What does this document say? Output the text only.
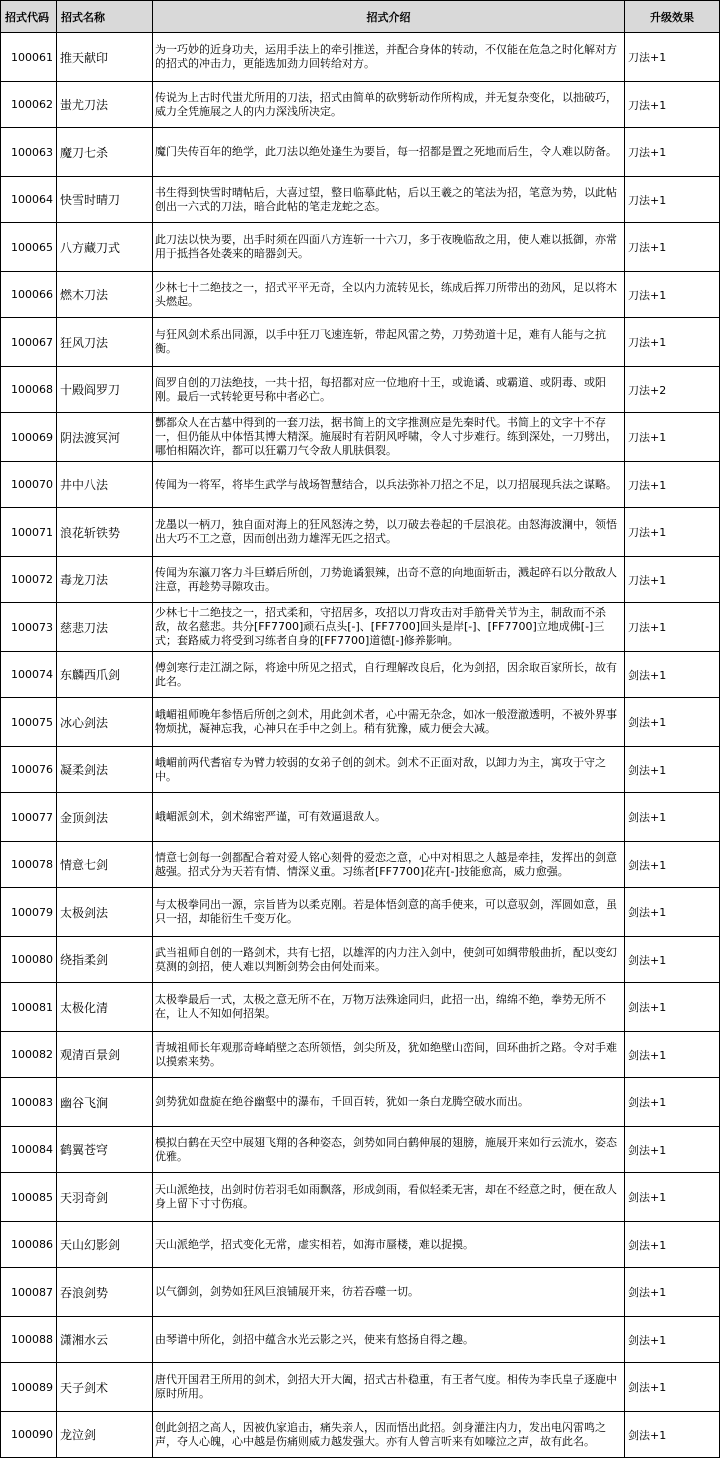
招式代码	招式名称	招式介绍	升级效果
100061	推天献印	为一巧妙的近身功夫，运用手法上的牵引推送，并配合身体的转动，不仅能在危急之时化解对方的招式的冲击力，更能选加劲力回转给对方。	刀法+1
100062	蚩尤刀法	传说为上古时代蚩尤所用的刀法，招式由简单的砍劈斩动作所构成，并无复杂变化，以拙破巧，威力全凭施展之人的内力深浅所决定。	刀法+1
100063	魔刀七杀	魔门失传百年的绝学，此刀法以绝处逢生为要旨，每一招都是置之死地而后生，令人难以防备。	刀法+1
100064	快雪时晴刀	书生得到快雪时晴帖后，大喜过望，整日临摹此帖，后以王羲之的笔法为招，笔意为势，以此帖创出一六式的刀法，暗合此帖的笔走龙蛇之态。	刀法+1
100065	八方藏刀式	此刀法以快为要，出手时须在四面八方连斩一十六刀，多于夜晚临敌之用，使人难以抵御，亦常用于抵挡各处袭来的暗器剑天。	刀法+1
100066	燃木刀法	少林七十二绝技之一，招式平平无奇，全以内力流转见长，练成后挥刀所带出的劲风，足以将木头燃起。	刀法+1
100067	狂风刀法	与狂风剑术系出同源，以手中狂刀飞速连斩，带起风雷之势，刀势劲道十足，难有人能与之抗衡。	刀法+1
100068	十殿阎罗刀	阎罗自创的刀法绝技，一共十招，每招都对应一位地府十王，或诡谲、或霸道、或阴毒、或阳刚。最后一式转轮更号称中者必亡。	刀法+2
100069	阴法渡冥河	酆都众人在古墓中得到的一套刀法，据书简上的文字推测应是先秦时代。书简上的文字十不存一，但仍能从中体悟其博大精深。施展时有若阴风呼啸，令人寸步难行。练到深处，一刀劈出，哪怕相隔次许，都可以狂霸刀气令敌人肌肤俱裂。	刀法+1
100070	井中八法	传闻为一将军，将毕生武学与战场智慧结合，以兵法弥补刀招之不足，以刀招展现兵法之谋略。	刀法+1
100071	浪花斩铁势	龙墨以一柄刀，独自面对海上的狂风怒涛之势，以刀破去卷起的千层浪花。由怒海波澜中，领悟出大巧不工之意，因而创出劲力雄浑无匹之招式。	刀法+1
100072	毒龙刀法	传闻为东瀛刀客力斗巨蟒后所创，刀势诡谲狠辣，出奇不意的向地面斩击，溅起碎石以分散敌人注意，再趁势寻隙攻击。	刀法+1
100073	慈悲刀法	少林七十二绝技之一，招式柔和，守招居多，攻招以刀背攻击对手筋骨关节为主，制敌而不杀敌，故名慈悲。共分[FF7700]顽石点头[-]、[FF7700]回头是岸[-]、[FF7700]立地成佛[-]三式；套路威力将受到习练者自身的[FF7700]道德[-]修养影响。	刀法+1
100074	东麟西爪剑	傅剑寒行走江湖之际，将途中所见之招式，自行理解改良后，化为剑招，因余取百家所长，故有此名。	剑法+1
100075	冰心剑法	峨嵋祖师晚年参悟后所创之剑术，用此剑术者，心中需无杂念，如冰一般澄澈透明，不被外界事物烦扰，凝神忘我，心神只在手中之剑上。稍有犹豫，威力便会大减。	剑法+1
100076	凝柔剑法	峨嵋前两代耆宿专为臂力较弱的女弟子创的剑术。剑术不正面对敌，以卸力为主，寓攻于守之中。	剑法+1
100077	金顶剑法	峨嵋派剑术，剑术绵密严谨，可有效逼退敌人。	剑法+1
100078	情意七剑	情意七剑每一剑都配合着对爱人铭心刻骨的爱恋之意，心中对相思之人越是牵挂，发挥出的剑意越强。招式分为天若有情、情深义重。习练者[FF7700]花卉[-]技能愈高，威力愈强。	剑法+1
100079	太极剑法	与太极拳同出一源，宗旨皆为以柔克刚。若是体悟剑意的高手使来，可以意驭剑，浑圆如意，虽只一招，却能衍生千变万化。	剑法+1
100080	绕指柔剑	武当祖师自创的一路剑术，共有七招，以雄浑的内力注入剑中，使剑可如绸带般曲折，配以变幻莫测的剑招，使人难以判断剑势会由何处而来。	剑法+1
100081	太极化清	太极拳最后一式，太极之意无所不在，万物万法殊途同归，此招一出，绵绵不绝，拳势无所不在，让人不知如何招架。	剑法+1
100082	观清百景剑	青城祖师长年观那奇峰峭壁之态所领悟，剑尖所及，犹如绝壁山峦间，回环曲折之路。令对手难以摸索来势。	剑法+1
100083	幽谷飞涧	剑势犹如盘旋在绝谷幽壑中的瀑布，千回百转，犹如一条白龙腾空破水而出。	剑法+1
100084	鹤翼苍穹	模拟白鹤在天空中展翅飞翔的各种姿态，剑势如同白鹤伸展的翅膀，施展开来如行云流水，姿态优雅。	剑法+1
100085	天羽奇剑	天山派绝技，出剑时仿若羽毛如雨飘落，形成剑雨，看似轻柔无害，却在不经意之时，便在敌人身上留下寸寸伤痕。	剑法+1
100086	天山幻影剑	天山派绝学，招式变化无常，虚实相若，如海市蜃楼，难以捉摸。	剑法+1
100087	吞浪剑势	以气御剑，剑势如狂风巨浪铺展开来，彷若吞噬一切。	剑法+1
100088	潇湘水云	由琴谱中所化，剑招中蕴含水光云影之兴，使来有悠扬自得之趣。	剑法+1
100089	天子剑术	唐代开国君王所用的剑术，剑招大开大阖，招式古朴稳重，有王者气度。相传为李氏皇子逐鹿中原时所用。	剑法+1
100090	龙泣剑	创此剑招之高人，因被仇家追击，痛失亲人，因而悟出此招。剑身灌注内力，发出电闪雷鸣之声，夺人心魄，心中越是伤痛则威力越发强大。亦有人曾言听来有如嚎泣之声，故有此名。	剑法+1
